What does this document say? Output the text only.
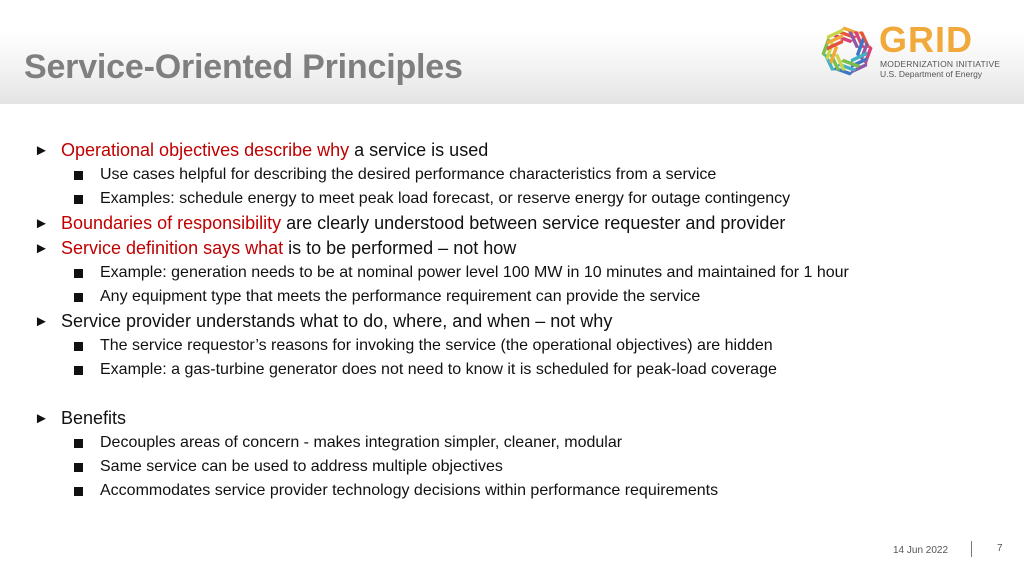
Service-Oriented Principles
GRID
MODERNIZATION INITIATIVE
U.S. Department of Energy
► Operational objectives describe why a service is used
Use cases helpful for describing the desired performance characteristics from a service
Examples: schedule energy to meet peak load forecast, or reserve energy for outage contingency
► Boundaries of responsibility are clearly understood between service requester and provider
► Service definition says what is to be performed – not how
Example: generation needs to be at nominal power level 100 MW in 10 minutes and maintained for 1 hour
Any equipment type that meets the performance requirement can provide the service
► Service provider understands what to do, where, and when – not why
The service requestor’s reasons for invoking the service (the operational objectives) are hidden
Example: a gas-turbine generator does not need to know it is scheduled for peak-load coverage
► Benefits
Decouples areas of concern - makes integration simpler, cleaner, modular
Same service can be used to address multiple objectives
Accommodates service provider technology decisions within performance requirements
14 Jun 2022	7
